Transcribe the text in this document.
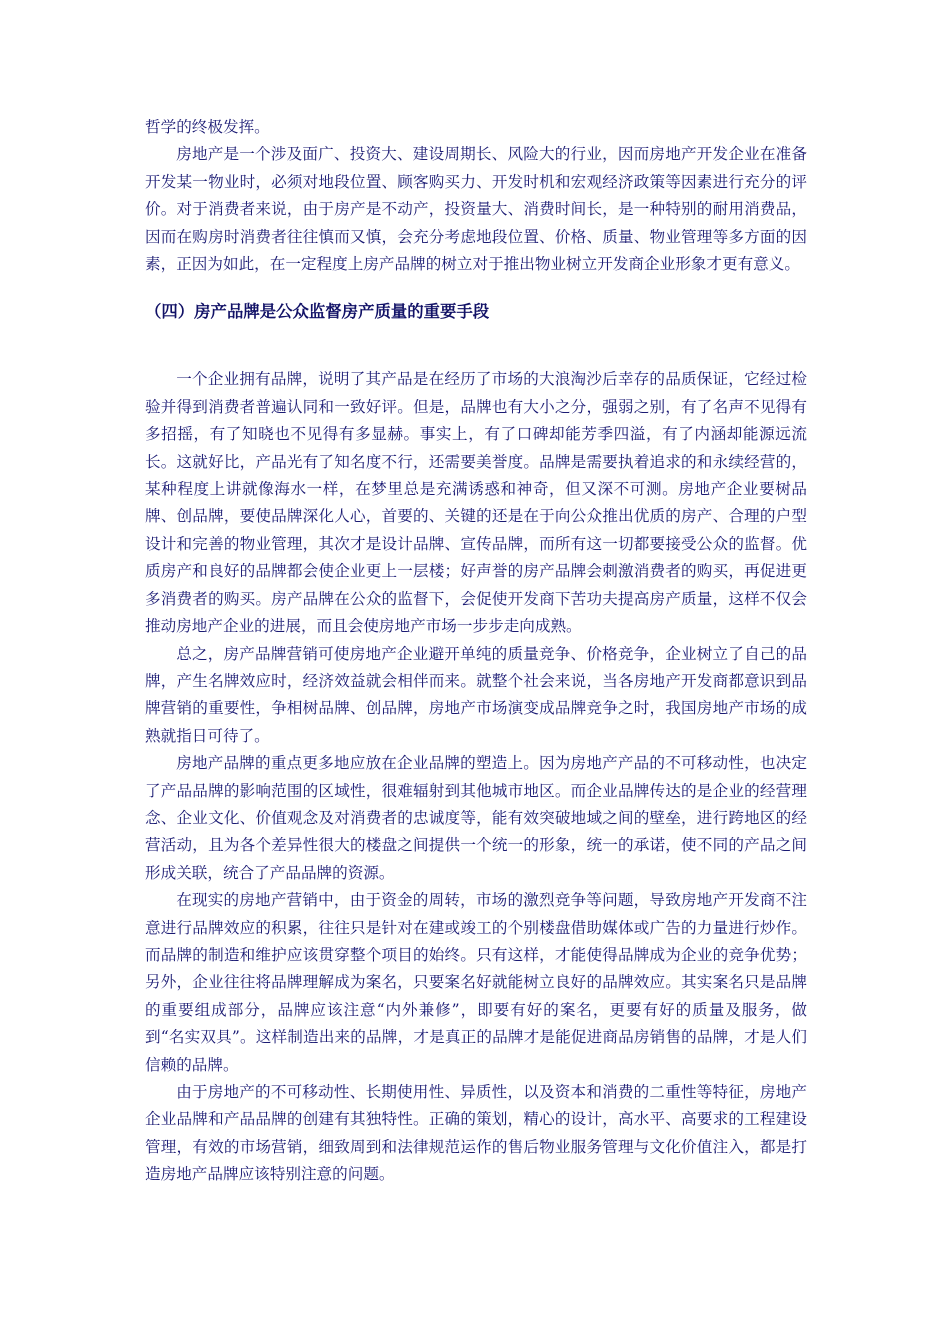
哲学的终极发挥。

房地产是一个涉及面广、投资大、建设周期长、风险大的行业，因而房地产开发企业在准备开发某一物业时，必须对地段位置、顾客购买力、开发时机和宏观经济政策等因素进行充分的评价。对于消费者来说，由于房产是不动产，投资量大、消费时间长，是一种特别的耐用消费品，因而在购房时消费者往往慎而又慎，会充分考虑地段位置、价格、质量、物业管理等多方面的因素，正因为如此，在一定程度上房产品牌的树立对于推出物业树立开发商企业形象才更有意义。

（四）房产品牌是公众监督房产质量的重要手段

一个企业拥有品牌，说明了其产品是在经历了市场的大浪淘沙后幸存的品质保证，它经过检验并得到消费者普遍认同和一致好评。但是，品牌也有大小之分，强弱之别，有了名声不见得有多招摇，有了知晓也不见得有多显赫。事实上，有了口碑却能芳季四溢，有了内涵却能源远流长。这就好比，产品光有了知名度不行，还需要美誉度。品牌是需要执着追求的和永续经营的，某种程度上讲就像海水一样，在梦里总是充满诱惑和神奇，但又深不可测。房地产企业要树品牌、创品牌，要使品牌深化人心，首要的、关键的还是在于向公众推出优质的房产、合理的户型设计和完善的物业管理，其次才是设计品牌、宣传品牌，而所有这一切都要接受公众的监督。优质房产和良好的品牌都会使企业更上一层楼；好声誉的房产品牌会刺激消费者的购买，再促进更多消费者的购买。房产品牌在公众的监督下，会促使开发商下苦功夫提高房产质量，这样不仅会推动房地产企业的进展，而且会使房地产市场一步步走向成熟。

总之，房产品牌营销可使房地产企业避开单纯的质量竞争、价格竞争，企业树立了自己的品牌，产生名牌效应时，经济效益就会相伴而来。就整个社会来说，当各房地产开发商都意识到品牌营销的重要性，争相树品牌、创品牌，房地产市场演变成品牌竞争之时，我国房地产市场的成熟就指日可待了。

房地产品牌的重点更多地应放在企业品牌的塑造上。因为房地产产品的不可移动性，也决定了产品品牌的影响范围的区域性，很难辐射到其他城市地区。而企业品牌传达的是企业的经营理念、企业文化、价值观念及对消费者的忠诚度等，能有效突破地域之间的壁垒，进行跨地区的经营活动，且为各个差异性很大的楼盘之间提供一个统一的形象，统一的承诺，使不同的产品之间形成关联，统合了产品品牌的资源。

在现实的房地产营销中，由于资金的周转，市场的激烈竞争等问题，导致房地产开发商不注意进行品牌效应的积累，往往只是针对在建或竣工的个别楼盘借助媒体或广告的力量进行炒作。而品牌的制造和维护应该贯穿整个项目的始终。只有这样，才能使得品牌成为企业的竞争优势；另外，企业往往将品牌理解成为案名，只要案名好就能树立良好的品牌效应。其实案名只是品牌的重要组成部分，品牌应该注意“内外兼修”，即要有好的案名，更要有好的质量及服务，做到“名实双具”。这样制造出来的品牌，才是真正的品牌才是能促进商品房销售的品牌，才是人们信赖的品牌。

由于房地产的不可移动性、长期使用性、异质性，以及资本和消费的二重性等特征，房地产企业品牌和产品品牌的创建有其独特性。正确的策划，精心的设计，高水平、高要求的工程建设管理，有效的市场营销，细致周到和法律规范运作的售后物业服务管理与文化价值注入，都是打造房地产品牌应该特别注意的问题。
